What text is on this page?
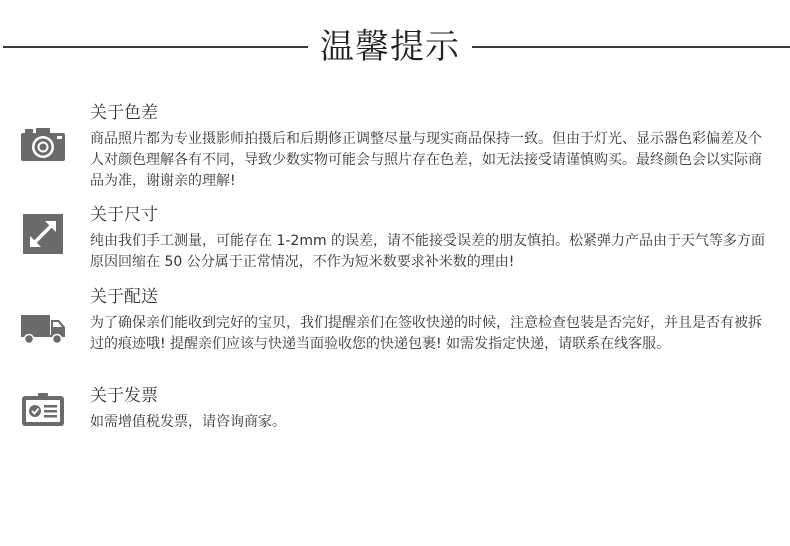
温馨提示
关于色差
商品照片都为专业摄影师拍摄后和后期修正调整尽量与现实商品保持一致。但由于灯光、显示器色彩偏差及个人对颜色理解各有不同，导致少数实物可能会与照片存在色差，如无法接受请谨慎购买。最终颜色会以实际商品为准，谢谢亲的理解!
关于尺寸
纯由我们手工测量，可能存在 1-2mm 的误差，请不能接受误差的朋友慎拍。松紧弹力产品由于天气等多方面原因回缩在 50 公分属于正常情况，不作为短米数要求补米数的理由!
关于配送
为了确保亲们能收到完好的宝贝，我们提醒亲们在签收快递的时候，注意检查包装是否完好，并且是否有被拆过的痕迹哦! 提醒亲们应该与快递当面验收您的快递包裹! 如需发指定快递，请联系在线客服。
关于发票
如需增值税发票，请咨询商家。
